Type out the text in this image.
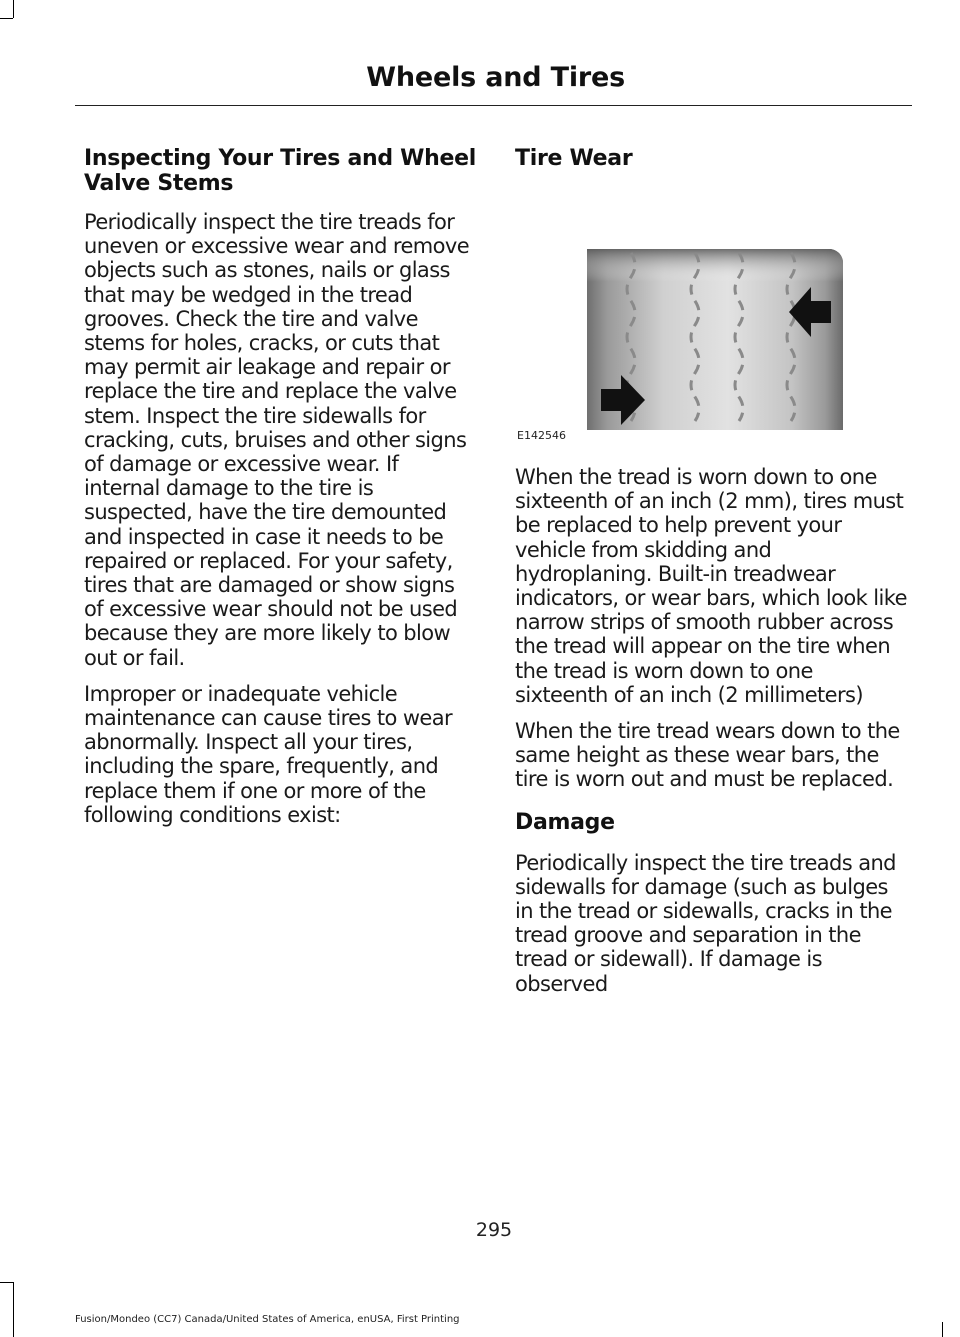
Wheels and Tires
Inspecting Your Tires and Wheel Valve Stems

Periodically inspect the tire treads for uneven or excessive wear and remove objects such as stones, nails or glass that may be wedged in the tread grooves. Check the tire and valve stems for holes, cracks, or cuts that may permit air leakage and repair or replace the tire and replace the valve stem. Inspect the tire sidewalls for cracking, cuts, bruises and other signs of damage or excessive wear. If internal damage to the tire is suspected, have the tire demounted and inspected in case it needs to be repaired or replaced. For your safety, tires that are damaged or show signs of excessive wear should not be used because they are more likely to blow out or fail.

Improper or inadequate vehicle maintenance can cause tires to wear abnormally. Inspect all your tires, including the spare, frequently, and replace them if one or more of the following conditions exist:

Tire Wear
E142546

When the tread is worn down to one sixteenth of an inch (2 mm), tires must be replaced to help prevent your vehicle from skidding and hydroplaning. Built-in treadwear indicators, or wear bars, which look like narrow strips of smooth rubber across the tread will appear on the tire when the tread is worn down to one sixteenth of an inch (2 millimeters)

When the tire tread wears down to the same height as these wear bars, the tire is worn out and must be replaced.

Damage

Periodically inspect the tire treads and sidewalls for damage (such as bulges in the tread or sidewalls, cracks in the tread groove and separation in the tread or sidewall). If damage is observed

295
Fusion/Mondeo (CC7) Canada/United States of America, enUSA, First Printing
